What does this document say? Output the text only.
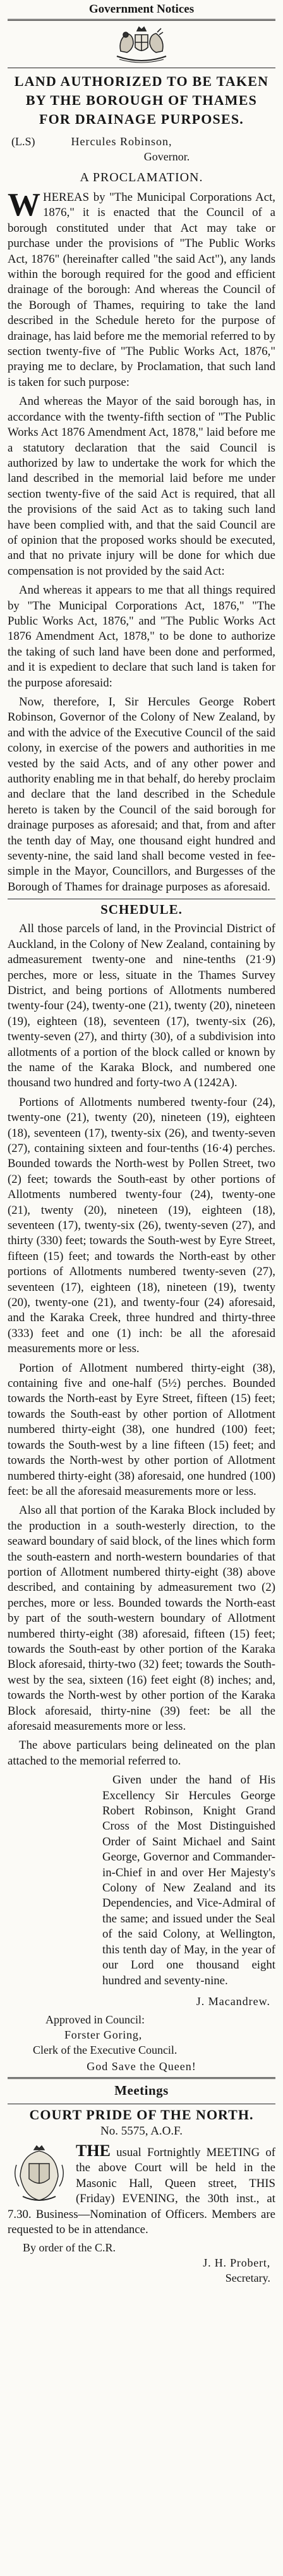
Government Notices
LAND AUTHORIZED TO BE TAKEN BY THE BOROUGH OF THAMES FOR DRAINAGE PURPOSES.
(L.S)	Hercules Robinson,
Governor.
A PROCLAMATION.

WHEREAS by "The Municipal Corporations Act, 1876," it is enacted that the Council of a borough constituted under that Act may take or purchase under the provisions of "The Public Works Act, 1876" (hereinafter called "the said Act"), any lands within the borough required for the good and efficient drainage of the borough: And whereas the Council of the Borough of Thames, requiring to take the land described in the Schedule hereto for the purpose of drainage, has laid before me the memorial referred to by section twenty-five of "The Public Works Act, 1876," praying me to declare, by Proclamation, that such land is taken for such purpose:

And whereas the Mayor of the said borough has, in accordance with the twenty-fifth section of "The Public Works Act 1876 Amendment Act, 1878," laid before me a statutory declaration that the said Council is authorized by law to undertake the work for which the land described in the memorial laid before me under section twenty-five of the said Act is required, that all the provisions of the said Act as to taking such land have been complied with, and that the said Council are of opinion that the proposed works should be executed, and that no private injury will be done for which due compensation is not provided by the said Act:

And whereas it appears to me that all things required by "The Municipal Corporations Act, 1876," "The Public Works Act, 1876," and "The Public Works Act 1876 Amendment Act, 1878," to be done to authorize the taking of such land have been done and performed, and it is expedient to declare that such land is taken for the purpose aforesaid:

Now, therefore, I, Sir Hercules George Robert Robinson, Governor of the Colony of New Zealand, by and with the advice of the Executive Council of the said colony, in exercise of the powers and authorities in me vested by the said Acts, and of any other power and authority enabling me in that behalf, do hereby proclaim and declare that the land described in the Schedule hereto is taken by the Council of the said borough for drainage purposes as aforesaid; and that, from and after the tenth day of May, one thousand eight hundred and seventy-nine, the said land shall become vested in fee-simple in the Mayor, Councillors, and Burgesses of the Borough of Thames for drainage purposes as aforesaid.

SCHEDULE.

All those parcels of land, in the Provincial District of Auckland, in the Colony of New Zealand, containing by admeasurement twenty-one and nine-tenths (21·9) perches, more or less, situate in the Thames Survey District, and being portions of Allotments numbered twenty-four (24), twenty-one (21), twenty (20), nineteen (19), eighteen (18), seventeen (17), twenty-six (26), twenty-seven (27), and thirty (30), of a subdivision into allotments of a portion of the block called or known by the name of the Karaka Block, and numbered one thousand two hundred and forty-two A (1242A).

Portions of Allotments numbered twenty-four (24), twenty-one (21), twenty (20), nineteen (19), eighteen (18), seventeen (17), twenty-six (26), and twenty-seven (27), containing sixteen and four-tenths (16·4) perches. Bounded towards the North-west by Pollen Street, two (2) feet; towards the South-east by other portions of Allotments numbered twenty-four (24), twenty-one (21), twenty (20), nineteen (19), eighteen (18), seventeen (17), twenty-six (26), twenty-seven (27), and thirty (330) feet; towards the South-west by Eyre Street, fifteen (15) feet; and towards the North-east by other portions of Allotments numbered twenty-seven (27), seventeen (17), eighteen (18), nineteen (19), twenty (20), twenty-one (21), and twenty-four (24) aforesaid, and the Karaka Creek, three hundred and thirty-three (333) feet and one (1) inch: be all the aforesaid measurements more or less.

Portion of Allotment numbered thirty-eight (38), containing five and one-half (5½) perches. Bounded towards the North-east by Eyre Street, fifteen (15) feet; towards the South-east by other portion of Allotment numbered thirty-eight (38), one hundred (100) feet; towards the South-west by a line fifteen (15) feet; and towards the North-west by other portion of Allotment numbered thirty-eight (38) aforesaid, one hundred (100) feet: be all the aforesaid measurements more or less.

Also all that portion of the Karaka Block included by the production in a south-westerly direction, to the seaward boundary of said block, of the lines which form the south-eastern and north-western boundaries of that portion of Allotment numbered thirty-eight (38) above described, and containing by admeasurement two (2) perches, more or less. Bounded towards the North-east by part of the south-western boundary of Allotment numbered thirty-eight (38) aforesaid, fifteen (15) feet; towards the South-east by other portion of the Karaka Block aforesaid, thirty-two (32) feet; towards the South-west by the sea, sixteen (16) feet eight (8) inches; and, towards the North-west by other portion of the Karaka Block aforesaid, thirty-nine (39) feet: be all the aforesaid measurements more or less.

The above particulars being delineated on the plan attached to the memorial referred to.

Given under the hand of His Excellency Sir Hercules George Robert Robinson, Knight Grand Cross of the Most Distinguished Order of Saint Michael and Saint George, Governor and Commander-in-Chief in and over Her Majesty's Colony of New Zealand and its Dependencies, and Vice-Admiral of the same; and issued under the Seal of the said Colony, at Wellington, this tenth day of May, in the year of our Lord one thousand eight hundred and seventy-nine.
J. Macandrew.
Approved in Council:
Forster Goring,
Clerk of the Executive Council.
God Save the Queen!
Meetings
COURT PRIDE OF THE NORTH.
No. 5575, A.O.F.
THE usual Fortnightly MEETING of the above Court will be held in the Masonic Hall, Queen street, THIS (Friday) EVENING, the 30th inst., at 7.30. Business—Nomination of Officers. Members are requested to be in attendance.
By order of the C.R.
J. H. Probert,
Secretary.
